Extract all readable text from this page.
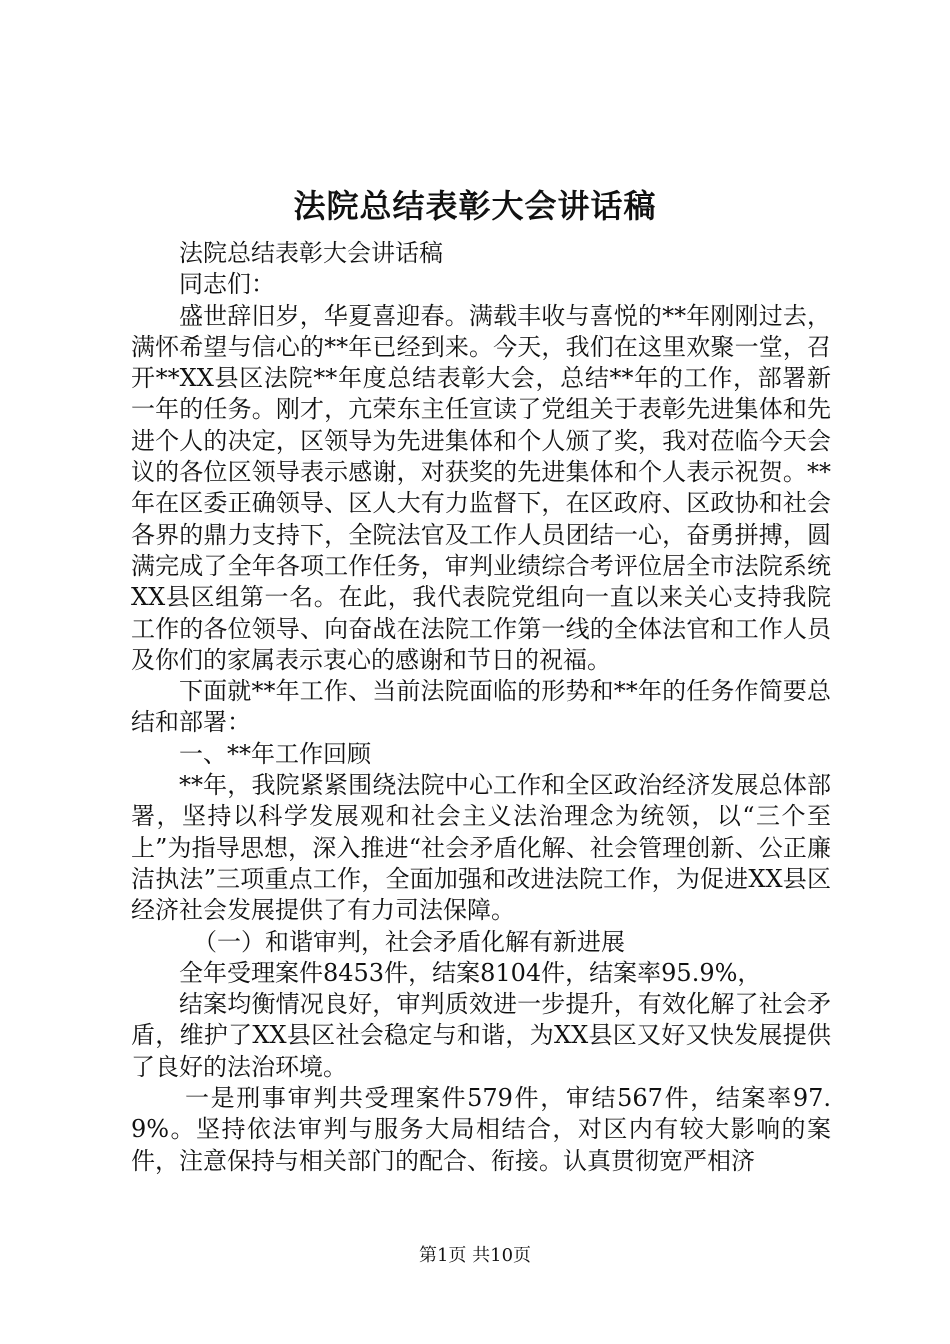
法院总结表彰大会讲话稿

法院总结表彰大会讲话稿

同志们：

盛世辞旧岁，华夏喜迎春。满载丰收与喜悦的**年刚刚过去，满怀希望与信心的**年已经到来。今天，我们在这里欢聚一堂，召开**XX县区法院**年度总结表彰大会，总结**年的工作，部署新一年的任务。刚才，亢荣东主任宣读了党组关于表彰先进集体和先进个人的决定，区领导为先进集体和个人颁了奖，我对莅临今天会议的各位区领导表示感谢，对获奖的先进集体和个人表示祝贺。**年在区委正确领导、区人大有力监督下，在区政府、区政协和社会各界的鼎力支持下，全院法官及工作人员团结一心，奋勇拼搏，圆满完成了全年各项工作任务，审判业绩综合考评位居全市法院系统XX县区组第一名。在此，我代表院党组向一直以来关心支持我院工作的各位领导、向奋战在法院工作第一线的全体法官和工作人员及你们的家属表示衷心的感谢和节日的祝福。

下面就**年工作、当前法院面临的形势和**年的任务作简要总结和部署：

一、**年工作回顾

**年，我院紧紧围绕法院中心工作和全区政治经济发展总体部署，坚持以科学发展观和社会主义法治理念为统领，以“三个至上”为指导思想，深入推进“社会矛盾化解、社会管理创新、公正廉洁执法”三项重点工作，全面加强和改进法院工作，为促进XX县区经济社会发展提供了有力司法保障。

（一）和谐审判，社会矛盾化解有新进展

全年受理案件8453件，结案8104件，结案率95.9%，

结案均衡情况良好，审判质效进一步提升，有效化解了社会矛盾，维护了XX县区社会稳定与和谐，为XX县区又好又快发展提供了良好的法治环境。

一是刑事审判共受理案件579件，审结567件，结案率97.9%。坚持依法审判与服务大局相结合，对区内有较大影响的案件，注意保持与相关部门的配合、衔接。认真贯彻宽严相济

第1页 共10页
